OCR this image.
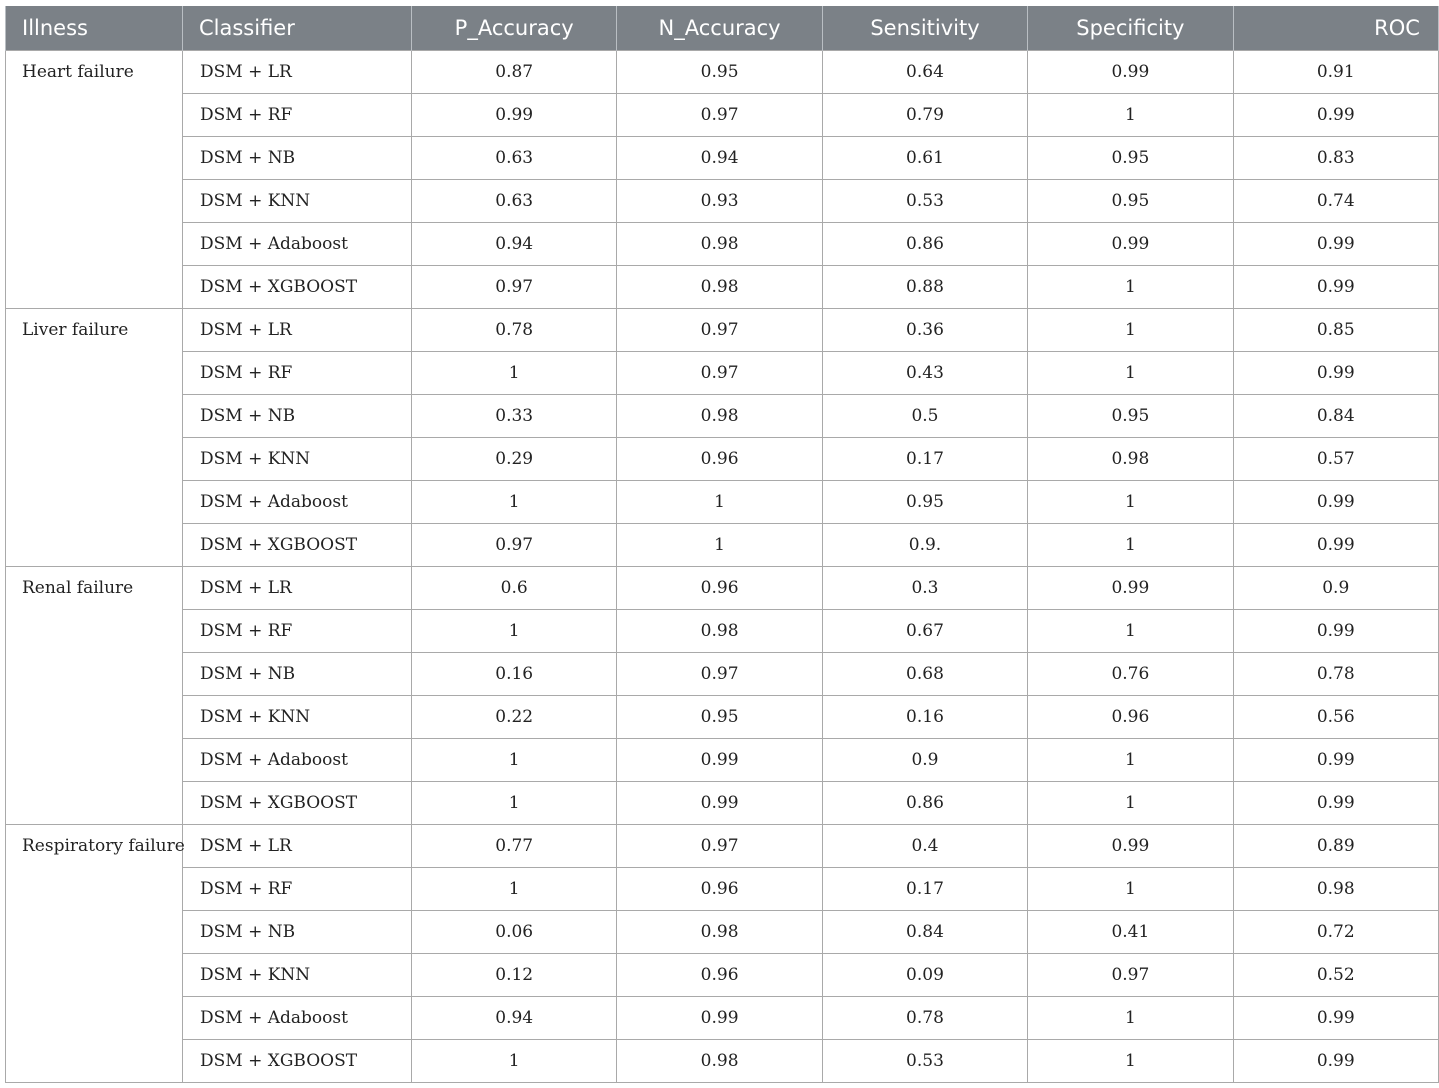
Illness	Classifier	P_Accuracy	N_Accuracy	Sensitivity	Specificity	ROC
Heart failure	DSM + LR	0.87	0.95	0.64	0.99	0.91
	DSM + RF	0.99	0.97	0.79	1	0.99
	DSM + NB	0.63	0.94	0.61	0.95	0.83
	DSM + KNN	0.63	0.93	0.53	0.95	0.74
	DSM + Adaboost	0.94	0.98	0.86	0.99	0.99
	DSM + XGBOOST	0.97	0.98	0.88	1	0.99
Liver failure	DSM + LR	0.78	0.97	0.36	1	0.85
	DSM + RF	1	0.97	0.43	1	0.99
	DSM + NB	0.33	0.98	0.5	0.95	0.84
	DSM + KNN	0.29	0.96	0.17	0.98	0.57
	DSM + Adaboost	1	1	0.95	1	0.99
	DSM + XGBOOST	0.97	1	0.9.	1	0.99
Renal failure	DSM + LR	0.6	0.96	0.3	0.99	0.9
	DSM + RF	1	0.98	0.67	1	0.99
	DSM + NB	0.16	0.97	0.68	0.76	0.78
	DSM + KNN	0.22	0.95	0.16	0.96	0.56
	DSM + Adaboost	1	0.99	0.9	1	0.99
	DSM + XGBOOST	1	0.99	0.86	1	0.99
Respiratory failure	DSM + LR	0.77	0.97	0.4	0.99	0.89
	DSM + RF	1	0.96	0.17	1	0.98
	DSM + NB	0.06	0.98	0.84	0.41	0.72
	DSM + KNN	0.12	0.96	0.09	0.97	0.52
	DSM + Adaboost	0.94	0.99	0.78	1	0.99
	DSM + XGBOOST	1	0.98	0.53	1	0.99
